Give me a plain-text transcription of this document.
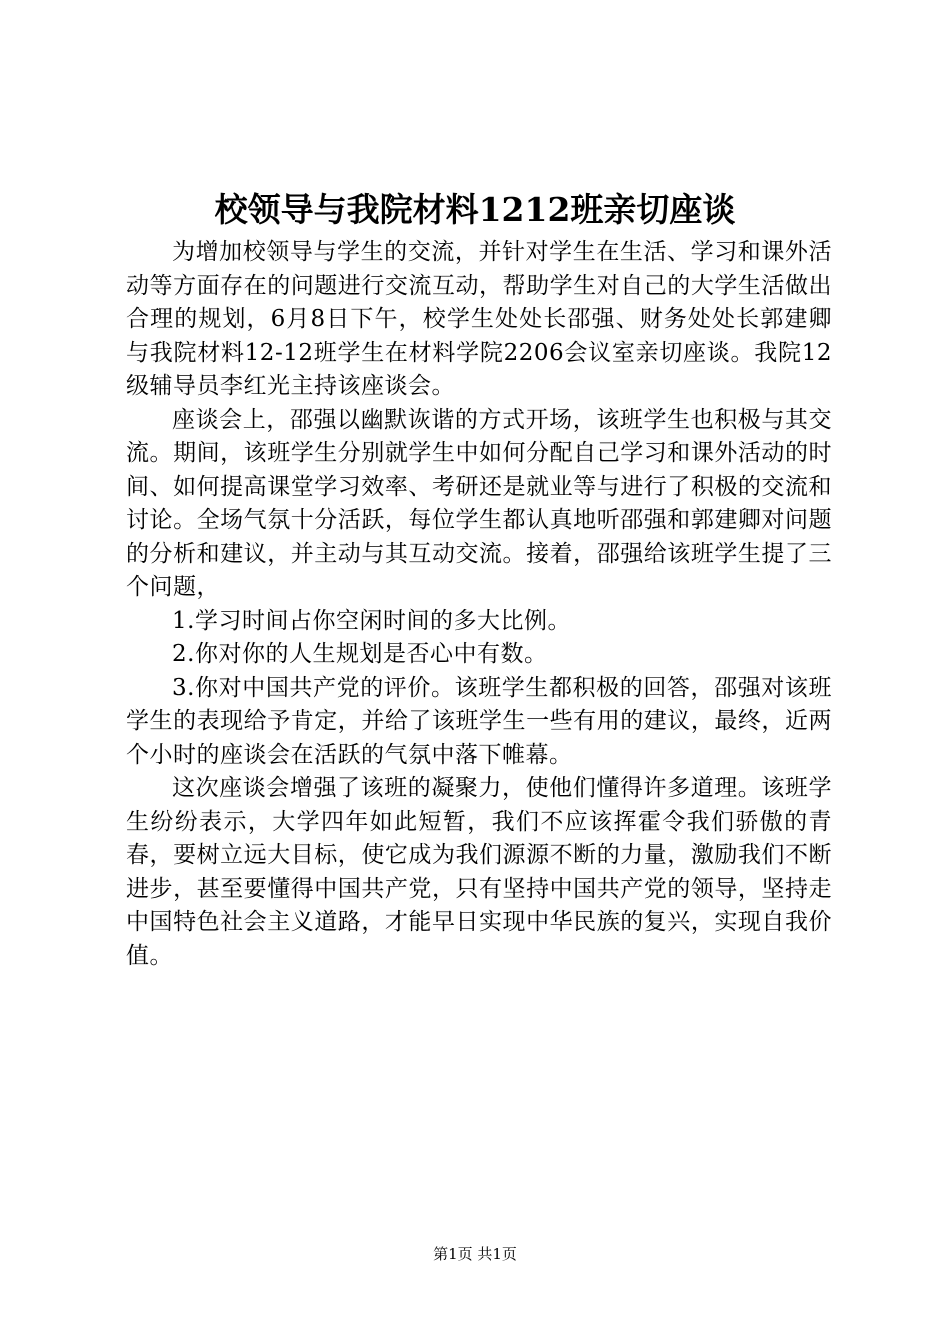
校领导与我院材料1212班亲切座谈

为增加校领导与学生的交流，并针对学生在生活、学习和课外活动等方面存在的问题进行交流互动，帮助学生对自己的大学生活做出合理的规划，6月8日下午，校学生处处长邵强、财务处处长郭建卿与我院材料12-12班学生在材料学院2206会议室亲切座谈。我院12级辅导员李红光主持该座谈会。

座谈会上，邵强以幽默诙谐的方式开场，该班学生也积极与其交流。期间，该班学生分别就学生中如何分配自己学习和课外活动的时间、如何提高课堂学习效率、考研还是就业等与进行了积极的交流和讨论。全场气氛十分活跃，每位学生都认真地听邵强和郭建卿对问题的分析和建议，并主动与其互动交流。接着，邵强给该班学生提了三个问题，

1.学习时间占你空闲时间的多大比例。

2.你对你的人生规划是否心中有数。

3.你对中国共产党的评价。该班学生都积极的回答，邵强对该班学生的表现给予肯定，并给了该班学生一些有用的建议，最终，近两个小时的座谈会在活跃的气氛中落下帷幕。

这次座谈会增强了该班的凝聚力，使他们懂得许多道理。该班学生纷纷表示，大学四年如此短暂，我们不应该挥霍令我们骄傲的青春，要树立远大目标，使它成为我们源源不断的力量，激励我们不断进步，甚至要懂得中国共产党，只有坚持中国共产党的领导，坚持走中国特色社会主义道路，才能早日实现中华民族的复兴，实现自我价值。

第1页 共1页
